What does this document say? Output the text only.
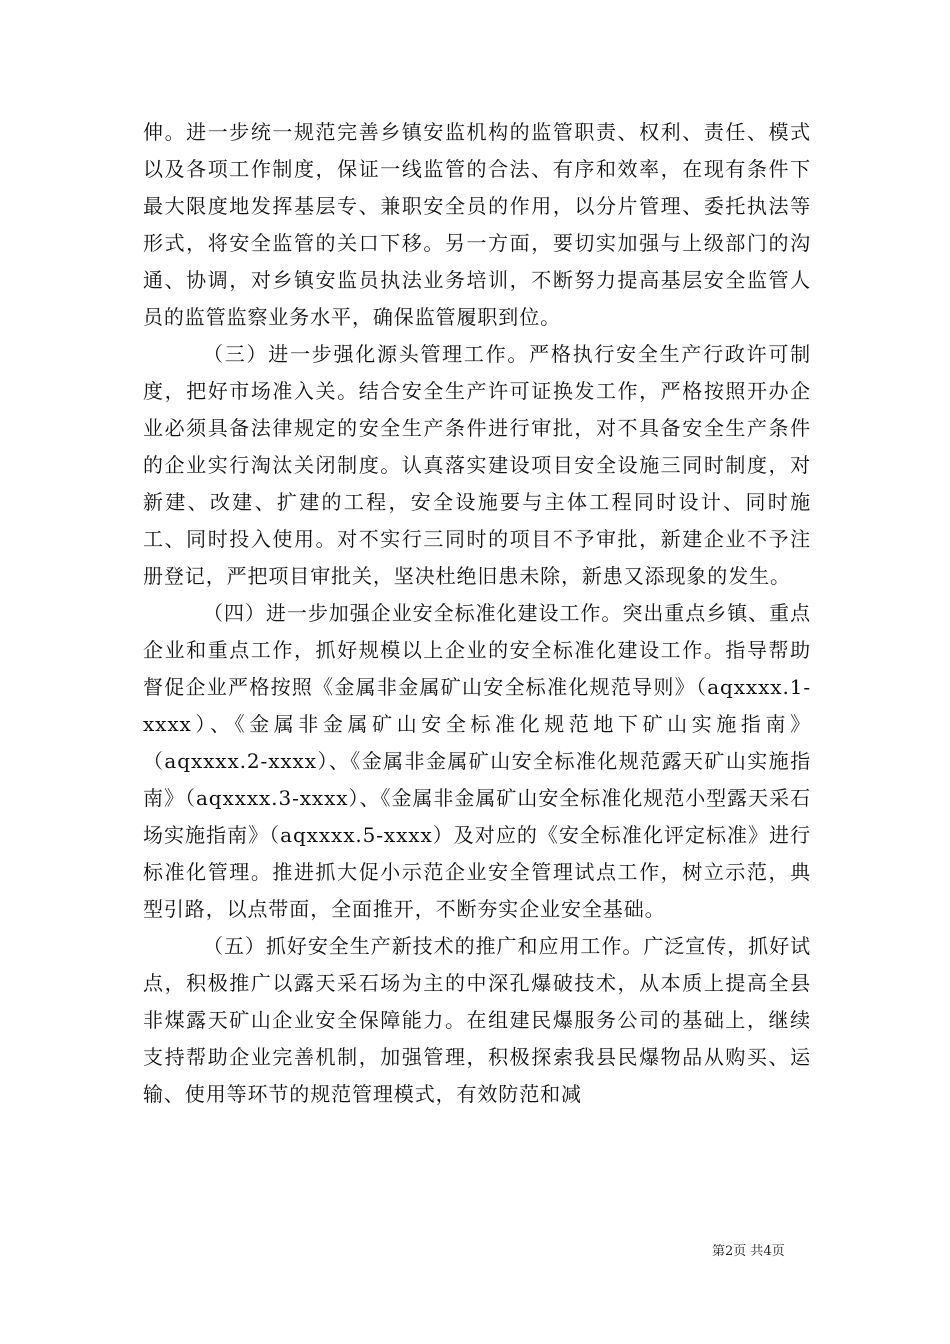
伸。进一步统一规范完善乡镇安监机构的监管职责、权利、责任、模式以及各项工作制度，保证一线监管的合法、有序和效率，在现有条件下最大限度地发挥基层专、兼职安全员的作用，以分片管理、委托执法等形式，将安全监管的关口下移。另一方面，要切实加强与上级部门的沟通、协调，对乡镇安监员执法业务培训，不断努力提高基层安全监管人员的监管监察业务水平，确保监管履职到位。

（三）进一步强化源头管理工作。严格执行安全生产行政许可制度，把好市场准入关。结合安全生产许可证换发工作，严格按照开办企业必须具备法律规定的安全生产条件进行审批，对不具备安全生产条件的企业实行淘汰关闭制度。认真落实建设项目安全设施三同时制度，对新建、改建、扩建的工程，安全设施要与主体工程同时设计、同时施工、同时投入使用。对不实行三同时的项目不予审批，新建企业不予注册登记，严把项目审批关，坚决杜绝旧患未除，新患又添现象的发生。

（四）进一步加强企业安全标准化建设工作。突出重点乡镇、重点企业和重点工作，抓好规模以上企业的安全标准化建设工作。指导帮助督促企业严格按照《金属非金属矿山安全标准化规范导则》（aqxxxx.1-xxxx）、《金属非金属矿山安全标准化规范地下矿山实施指南》（aqxxxx.2-xxxx）、《金属非金属矿山安全标准化规范露天矿山实施指南》（aqxxxx.3-xxxx）、《金属非金属矿山安全标准化规范小型露天采石场实施指南》（aqxxxx.5-xxxx）及对应的《安全标准化评定标准》进行标准化管理。推进抓大促小示范企业安全管理试点工作，树立示范，典型引路，以点带面，全面推开，不断夯实企业安全基础。

（五）抓好安全生产新技术的推广和应用工作。广泛宣传，抓好试点，积极推广以露天采石场为主的中深孔爆破技术，从本质上提高全县非煤露天矿山企业安全保障能力。在组建民爆服务公司的基础上，继续支持帮助企业完善机制，加强管理，积极探索我县民爆物品从购买、运输、使用等环节的规范管理模式，有效防范和减

第2页 共4页
